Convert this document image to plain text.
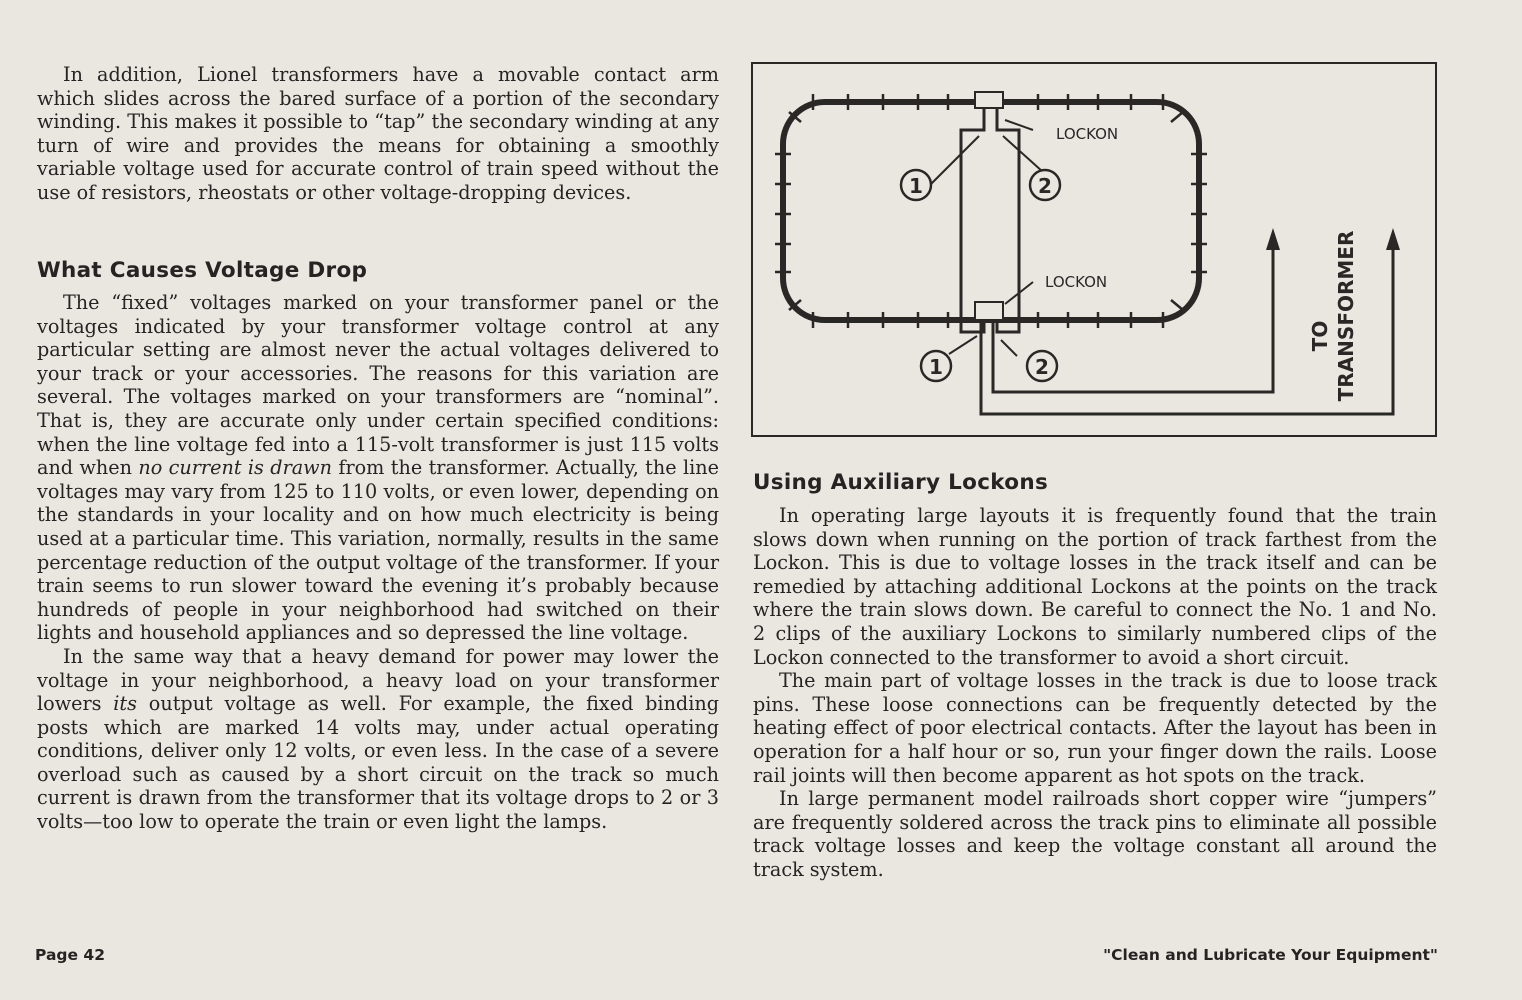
In addition, Lionel transformers have a movable contact arm which slides across the bared surface of a portion of the secondary winding. This makes it possible to “tap” the secondary winding at any turn of wire and provides the means for obtaining a smoothly variable voltage used for accurate control of train speed without the use of resistors, rheostats or other voltage-dropping devices.

What Causes Voltage Drop

The “fixed” voltages marked on your transformer panel or the voltages indicated by your transformer voltage control at any particular setting are almost never the actual voltages delivered to your track or your accessories. The reasons for this variation are several. The voltages marked on your transformers are “nominal”. That is, they are accurate only under certain specified conditions: when the line voltage fed into a 115-volt transformer is just 115 volts and when no current is drawn from the transformer. Actually, the line voltages may vary from 125 to 110 volts, or even lower, depending on the standards in your locality and on how much electricity is being used at a particular time. This variation, normally, results in the same percentage reduction of the output voltage of the transformer. If your train seems to run slower toward the evening it’s probably because hundreds of people in your neighborhood had switched on their lights and household appliances and so depressed the line voltage.

In the same way that a heavy demand for power may lower the voltage in your neighborhood, a heavy load on your transformer lowers its output voltage as well. For example, the fixed binding posts which are marked 14 volts may, under actual operating conditions, deliver only 12 volts, or even less. In the case of a severe overload such as caused by a short circuit on the track so much current is drawn from the transformer that its voltage drops to 2 or 3 volts—too low to operate the train or even light the lamps.

1	2
1	2
LOCKON
LOCKON
TO TRANSFORMER
Using Auxiliary Lockons

In operating large layouts it is frequently found that the train slows down when running on the portion of track farthest from the Lockon. This is due to voltage losses in the track itself and can be remedied by attaching additional Lockons at the points on the track where the train slows down. Be careful to connect the No. 1 and No. 2 clips of the auxiliary Lockons to similarly numbered clips of the Lockon connected to the transformer to avoid a short circuit.

The main part of voltage losses in the track is due to loose track pins. These loose connections can be frequently detected by the heating effect of poor electrical contacts. After the layout has been in operation for a half hour or so, run your finger down the rails. Loose rail joints will then become apparent as hot spots on the track.

In large permanent model railroads short copper wire “jumpers” are frequently soldered across the track pins to eliminate all possible track voltage losses and keep the voltage constant all around the track system.

Page 42	"Clean and Lubricate Your Equipment"
